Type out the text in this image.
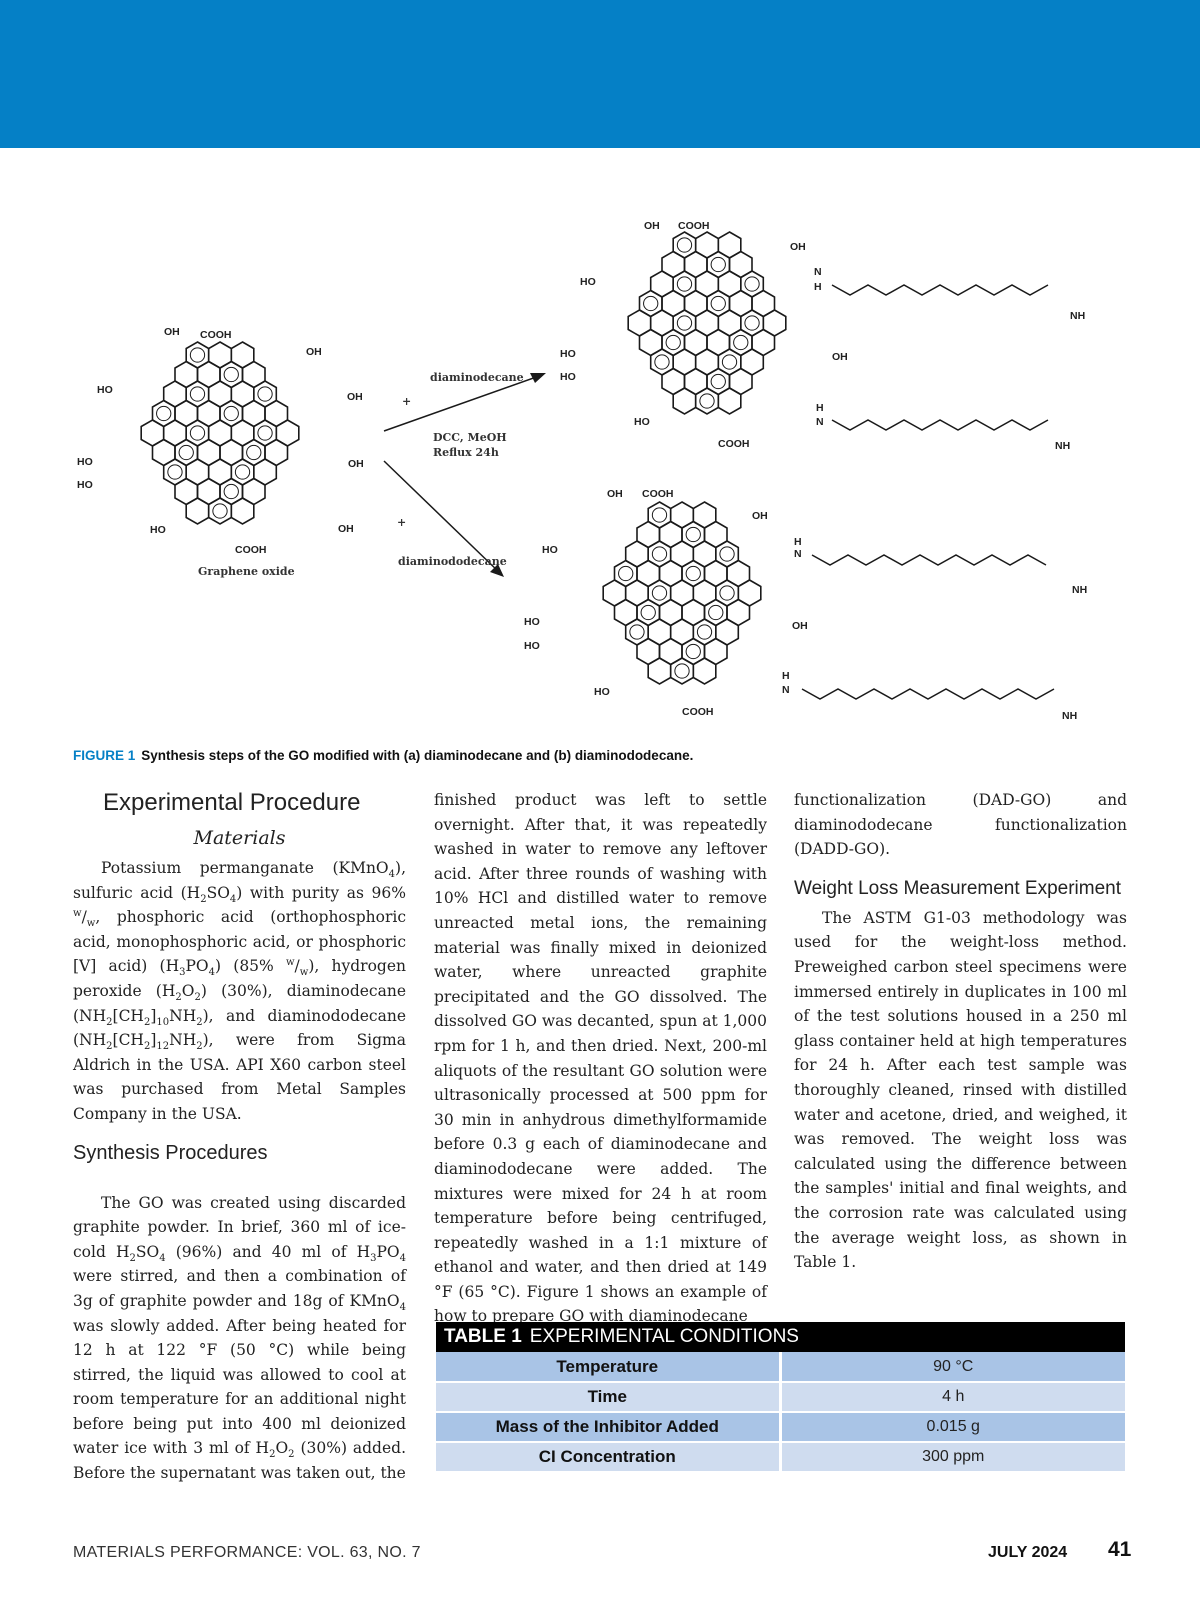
diaminodecane
DCC, MeOH
Reflux 24h
+
+
diaminododecane
Graphene oxide
OH COOH
OH
OH
HO
HO
HO
OH
HO
COOH
OH
OH COOH
OH
HO
HO
HO
OH
HO
COOH
N
H
N
H
NH
NH
OH COOH
OH
HO
HO
HO
OH
HO
COOH
N
H
N
H
NH
NH
FIGURE 1 Synthesis steps of the GO modified with (a) diaminodecane and (b) diaminododecane.
Experimental Procedure
Materials

Potassium permanganate (KMnO$_4$), sulfuric acid $(H_2SO_4)$ with purity as 96% $^w/_w$, phosphoric acid (orthophosphoric acid, monophosphoric acid, or phosphoric [V] acid) $(H_3PO_4)$ (85% $^w/_w$), hydrogen peroxide $(H_2O_2)$ (30%), diaminodecane $(NH_2[CH_2]_{10}NH_2)$, and diaminododecane $(NH_2[CH_2]_{12}NH_2)$, were from Sigma Aldrich in the USA. API X60 carbon steel was purchased from Metal Samples Company in the USA.

Synthesis Procedures

The GO was created using discarded graphite powder. In brief, 360 ml of ice-cold $H_2SO_4$ (96%) and 40 ml of $H_3PO_4$ were stirred, and then a combination of 3g of graphite powder and 18g of KMnO$_4$ was slowly added. After being heated for 12 h at 122 °F (50 °C) while being stirred, the liquid was allowed to cool at room temperature for an additional night before being put into 400 ml deionized water ice with 3 ml of $H_2O_2$ (30%) added. Before the supernatant was taken out, the

finished product was left to settle overnight. After that, it was repeatedly washed in water to remove any leftover acid. After three rounds of washing with 10% HCl and distilled water to remove unreacted metal ions, the remaining material was finally mixed in deionized water, where unreacted graphite precipitated and the GO dissolved. The dissolved GO was decanted, spun at 1,000 rpm for 1 h, and then dried. Next, 200-ml aliquots of the resultant GO solution were ultrasonically processed at 500 ppm for 30 min in anhydrous dimethylformamide before 0.3 g each of diaminodecane and diaminododecane were added. The mixtures were mixed for 24 h at room temperature before being centrifuged, repeatedly washed in a 1:1 mixture of ethanol and water, and then dried at 149 °F (65 °C). Figure 1 shows an example of how to prepare GO with diaminodecane

functionalization (DAD-GO) and diaminododecane functionalization (DADD-GO).

Weight Loss Measurement Experiment

The ASTM G1-03 methodology was used for the weight-loss method. Preweighed carbon steel specimens were immersed entirely in duplicates in 100 ml of the test solutions housed in a 250 ml glass container held at high temperatures for 24 h. After each test sample was thoroughly cleaned, rinsed with distilled water and acetone, dried, and weighed, it was removed. The weight loss was calculated using the difference between the samples' initial and final weights, and the corrosion rate was calculated using the average weight loss, as shown in Table 1.

TABLE 1 EXPERIMENTAL CONDITIONS	
Temperature	90 °C
Time	4 h
Mass of the Inhibitor Added	0.015 g
CI Concentration	300 ppm
MATERIALS PERFORMANCE: VOL. 63, NO. 7	JULY 2024 41
